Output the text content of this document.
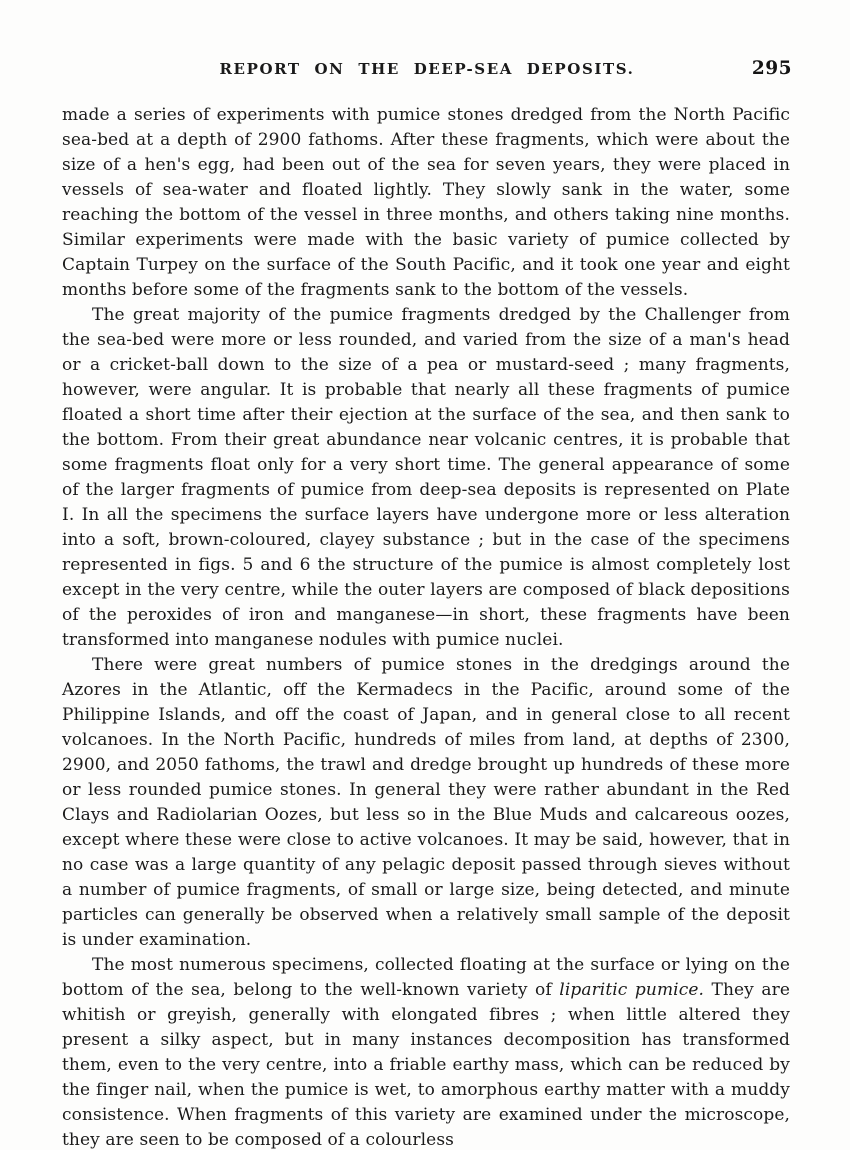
REPORT ON THE DEEP-SEA DEPOSITS.	295

made a series of experiments with pumice stones dredged from the North Pacific sea-bed at a depth of 2900 fathoms. After these fragments, which were about the size of a hen's egg, had been out of the sea for seven years, they were placed in vessels of sea-water and floated lightly. They slowly sank in the water, some reaching the bottom of the vessel in three months, and others taking nine months. Similar experiments were made with the basic variety of pumice collected by Captain Turpey on the surface of the South Pacific, and it took one year and eight months before some of the fragments sank to the bottom of the vessels.

The great majority of the pumice fragments dredged by the Challenger from the sea-bed were more or less rounded, and varied from the size of a man's head or a cricket-ball down to the size of a pea or mustard-seed ; many fragments, however, were angular. It is probable that nearly all these fragments of pumice floated a short time after their ejection at the surface of the sea, and then sank to the bottom. From their great abundance near volcanic centres, it is probable that some fragments float only for a very short time. The general appearance of some of the larger fragments of pumice from deep-sea deposits is represented on Plate I. In all the specimens the surface layers have undergone more or less alteration into a soft, brown-coloured, clayey substance ; but in the case of the specimens represented in figs. 5 and 6 the structure of the pumice is almost completely lost except in the very centre, while the outer layers are composed of black depositions of the peroxides of iron and manganese—in short, these fragments have been transformed into manganese nodules with pumice nuclei.

There were great numbers of pumice stones in the dredgings around the Azores in the Atlantic, off the Kermadecs in the Pacific, around some of the Philippine Islands, and off the coast of Japan, and in general close to all recent volcanoes. In the North Pacific, hundreds of miles from land, at depths of 2300, 2900, and 2050 fathoms, the trawl and dredge brought up hundreds of these more or less rounded pumice stones. In general they were rather abundant in the Red Clays and Radiolarian Oozes, but less so in the Blue Muds and calcareous oozes, except where these were close to active volcanoes. It may be said, however, that in no case was a large quantity of any pelagic deposit passed through sieves without a number of pumice fragments, of small or large size, being detected, and minute particles can generally be observed when a relatively small sample of the deposit is under examination.

The most numerous specimens, collected floating at the surface or lying on the bottom of the sea, belong to the well-known variety of liparitic pumice. They are whitish or greyish, generally with elongated fibres ; when little altered they present a silky aspect, but in many instances decomposition has transformed them, even to the very centre, into a friable earthy mass, which can be reduced by the finger nail, when the pumice is wet, to amorphous earthy matter with a muddy consistence. When fragments of this variety are examined under the microscope, they are seen to be composed of a colourless
